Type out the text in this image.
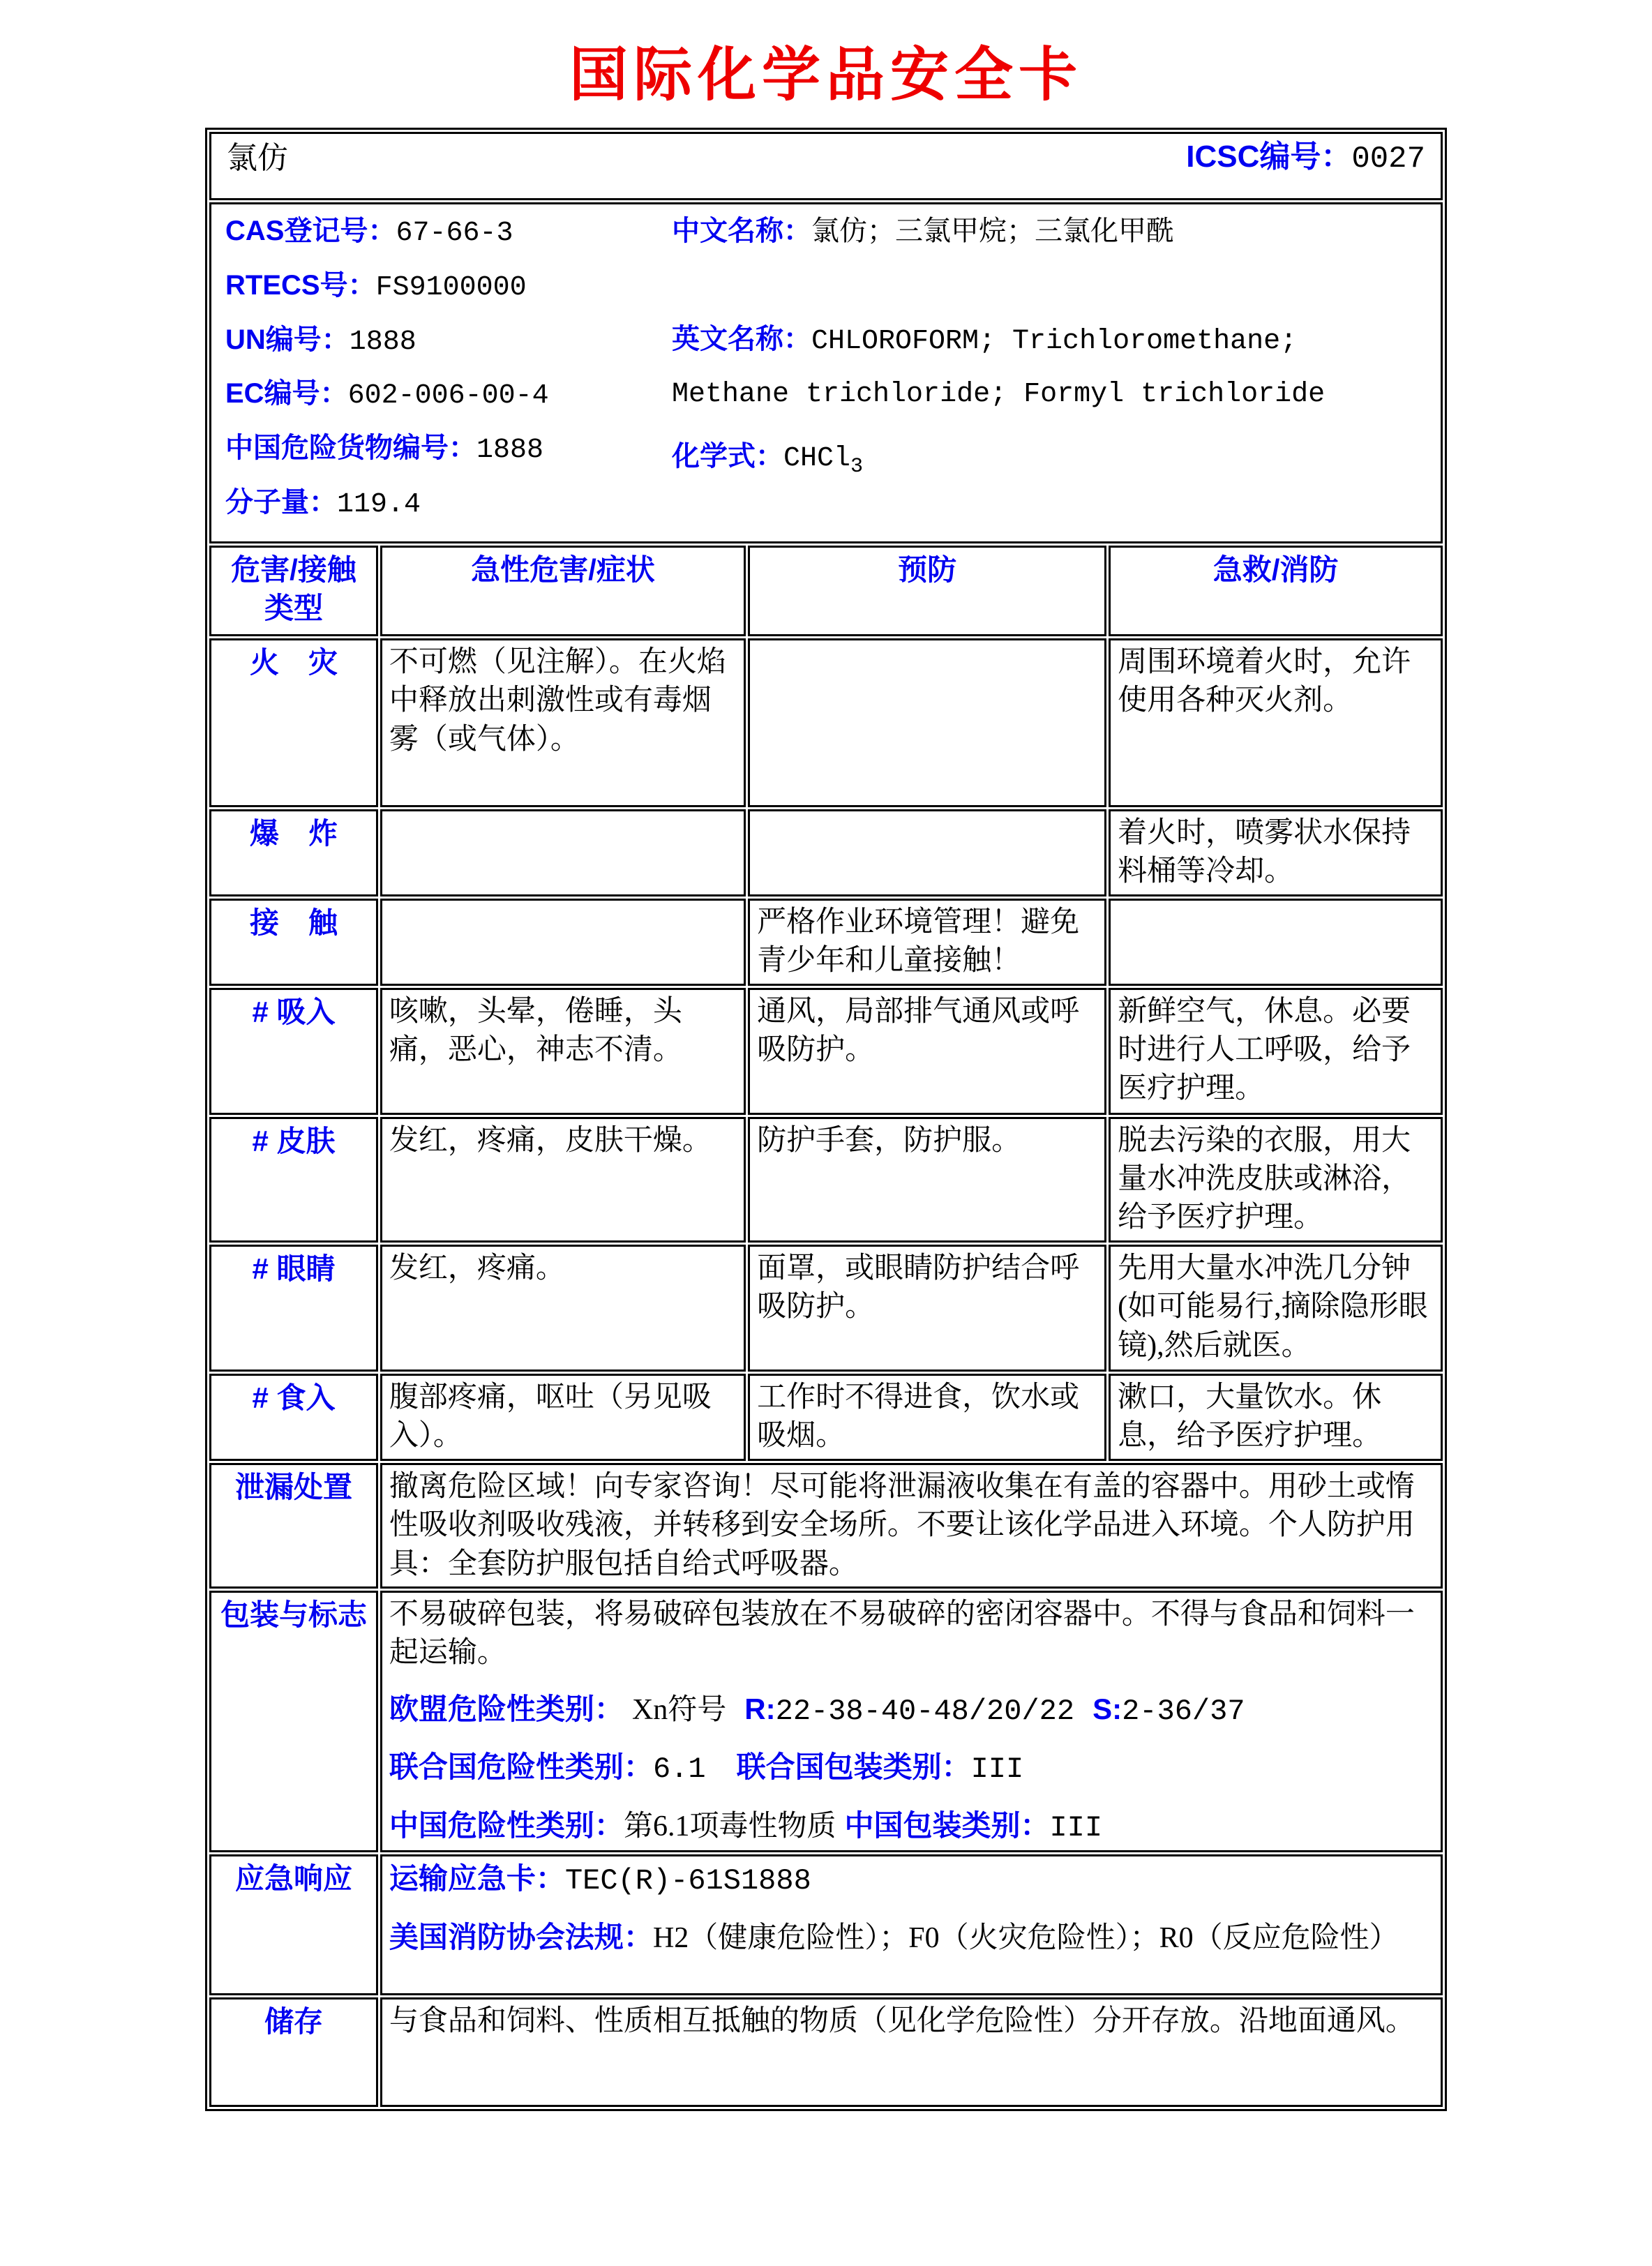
国际化学品安全卡
氯仿 ICSC编号：0027			

CAS登记号：67-66-3
RTECS号：FS9100000
UN编号：1888
EC编号：602-006-00-4
中国危险货物编号：1888
分子量：119.4
中文名称：氯仿；三氯甲烷；三氯化甲酰
英文名称：CHLOROFORM; Trichloromethane; Methane trichloride; Formyl trichloride
化学式：CHCl$_3$

危害/接触类型	急性危害/症状	预防	急救/消防
火　灾	不可燃（见注解）。在火焰中释放出刺激性或有毒烟雾（或气体）。		周围环境着火时，允许使用各种灭火剂。
爆　炸			着火时，喷雾状水保持料桶等冷却。
接　触		严格作业环境管理！避免青少年和儿童接触！	
# 吸入	咳嗽，头晕，倦睡，头痛，恶心，神志不清。	通风，局部排气通风或呼吸防护。	新鲜空气，休息。必要时进行人工呼吸，给予医疗护理。
# 皮肤	发红，疼痛，皮肤干燥。	防护手套，防护服。	脱去污染的衣服，用大量水冲洗皮肤或淋浴，给予医疗护理。
# 眼睛	发红，疼痛。	面罩，或眼睛防护结合呼吸防护。	先用大量水冲洗几分钟(如可能易行,摘除隐形眼镜),然后就医。
# 食入	腹部疼痛，呕吐（另见吸入）。	工作时不得进食，饮水或吸烟。	漱口，大量饮水。休息，给予医疗护理。
泄漏处置	撤离危险区域！向专家咨询！尽可能将泄漏液收集在有盖的容器中。用砂土或惰性吸收剂吸收残液，并转移到安全场所。不要让该化学品进入环境。个人防护用具：全套防护服包括自给式呼吸器。		
包装与标志	不易破碎包装，将易破碎包装放在不易破碎的密闭容器中。不得与食品和饲料一起运输。

欧盟危险性类别： Xn符号 R:22-38-40-48/20/22 S:2-36/37

联合国危险性类别：6.1 联合国包装类别：III

中国危险性类别：第6.1项毒性物质 中国包装类别：III		

应急响应	运输应急卡：TEC(R)-61S1888

美国消防协会法规：H2（健康危险性）；F0（火灾危险性）；R0（反应危险性）		

储存	与食品和饲料、性质相互抵触的物质（见化学危险性）分开存放。沿地面通风。		
